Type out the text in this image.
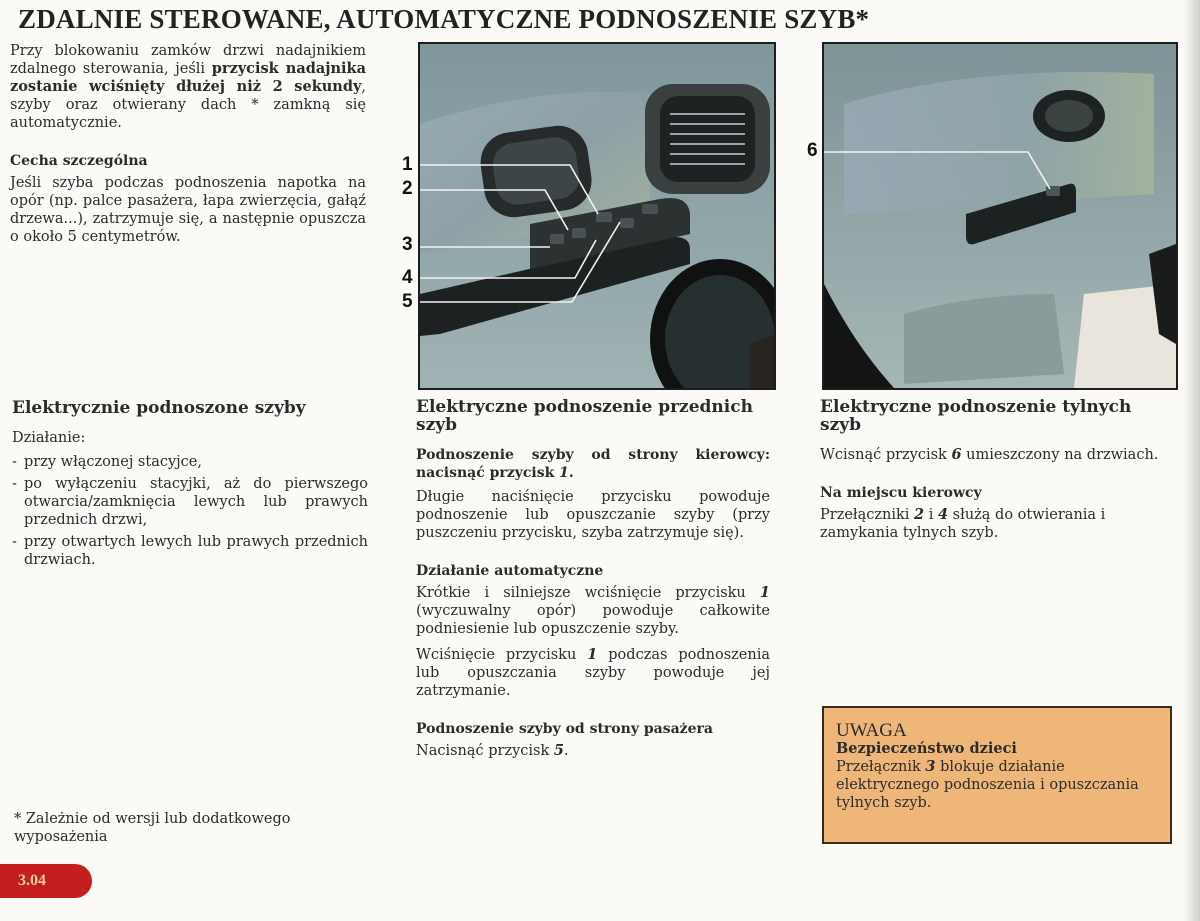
ZDALNIE STEROWANE, AUTOMATYCZNE PODNOSZENIE SZYB*

Przy blokowaniu zamków drzwi nadajnikiem zdalnego sterowania, jeśli przycisk nadajnika zostanie wciśnięty dłużej niż 2 sekundy, szyby oraz otwierany dach * zamkną się automatycznie.

Cecha szczególna

Jeśli szyba podczas podnoszenia napotka na opór (np. palce pasażera, łapa zwierzęcia, gałąź drzewa...), zatrzymuje się, a następnie opuszcza o około 5 centymetrów.

Elektrycznie podnoszone szyby

Działanie:

- przy włączonej stacyjce,
- po wyłączeniu stacyjki, aż do pierwszego otwarcia/zamknięcia lewych lub prawych przednich drzwi,
- przy otwartych lewych lub prawych przednich drzwiach.
* Zależnie od wersji lub dodatkowego wyposażenia
1
2
3
4
5

Elektryczne podnoszenie przednich szyb

Podnoszenie szyby od strony kierowcy: nacisnąć przycisk 1.

Długie naciśnięcie przycisku powoduje podnoszenie lub opuszczanie szyby (przy puszczeniu przycisku, szyba zatrzymuje się).

Działanie automatyczne

Krótkie i silniejsze wciśnięcie przycisku 1 (wyczuwalny opór) powoduje całkowite podniesienie lub opuszczenie szyby.

Wciśnięcie przycisku 1 podczas podnoszenia lub opuszczania szyby powoduje jej zatrzymanie.

Podnoszenie szyby od strony pasażera

Nacisnąć przycisk 5.

6

Elektryczne podnoszenie tylnych szyb

Wcisnąć przycisk 6 umieszczony na drzwiach.

Na miejscu kierowcy

Przełączniki 2 i 4 służą do otwierania i zamykania tylnych szyb.

UWAGA

Bezpieczeństwo dzieci

Przełącznik 3 blokuje działanie elektrycznego podnoszenia i opuszczania tylnych szyb.

3.04
